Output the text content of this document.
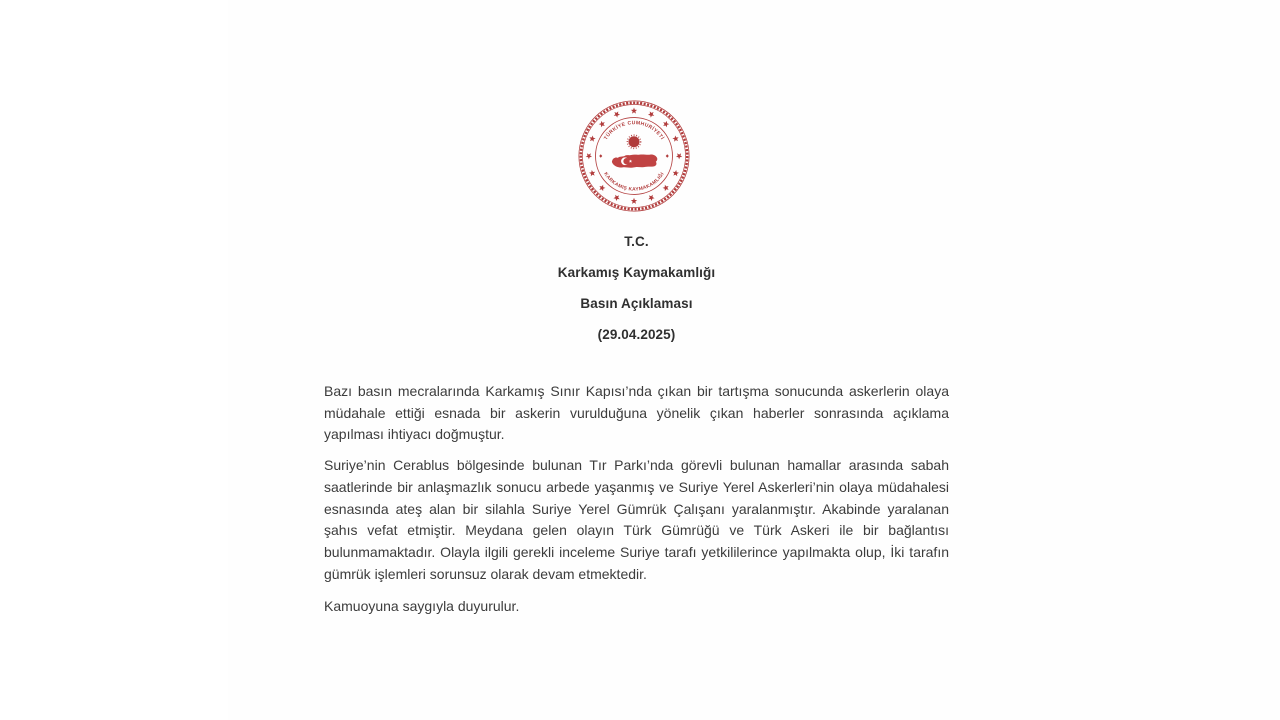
TÜRKİYE CUMHURİYETİ
KARKAMIŞ KAYMAKAMLIĞI
T.C.
Karkamış Kaymakamlığı
Basın Açıklaması
(29.04.2025)

Bazı basın mecralarında Karkamış Sınır Kapısı’nda çıkan bir tartışma sonucunda askerlerin olaya müdahale ettiği esnada bir askerin vurulduğuna yönelik çıkan haberler sonrasında açıklama yapılması ihtiyacı doğmuştur.

Suriye’nin Cerablus bölgesinde bulunan Tır Parkı’nda görevli bulunan hamallar arasında sabah saatlerinde bir anlaşmazlık sonucu arbede yaşanmış ve Suriye Yerel Askerleri’nin olaya müdahalesi esnasında ateş alan bir silahla Suriye Yerel Gümrük Çalışanı yaralanmıştır. Akabinde yaralanan şahıs vefat etmiştir. Meydana gelen olayın Türk Gümrüğü ve Türk Askeri ile bir bağlantısı bulunmamaktadır. Olayla ilgili gerekli inceleme Suriye tarafı yetkililerince yapılmakta olup, İki tarafın gümrük işlemleri sorunsuz olarak devam etmektedir.

Kamuoyuna saygıyla duyurulur.
